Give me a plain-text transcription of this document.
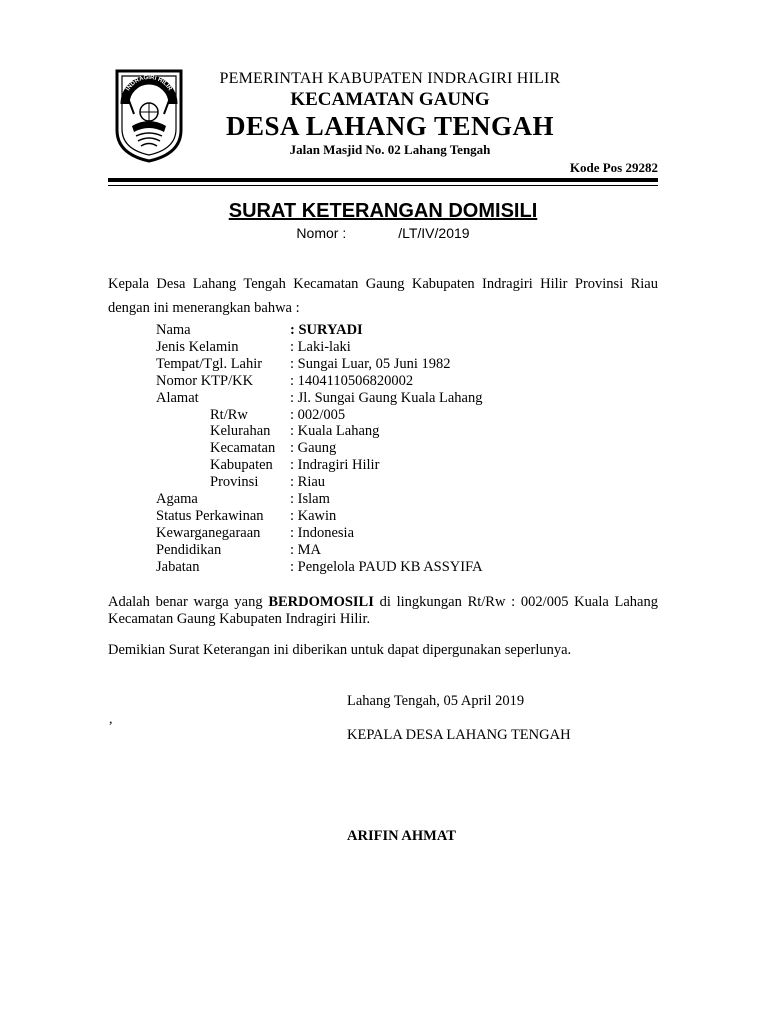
INDRAGIRI HILIR
PEMERINTAH KABUPATEN INDRAGIRI HILIR
KECAMATAN GAUNG
DESA LAHANG TENGAH
Jalan Masjid No. 02 Lahang Tengah
Kode Pos 29282
SURAT KETERANGAN DOMISILI
Nomor :	/LT/IV/2019
Kepala Desa Lahang Tengah Kecamatan Gaung Kabupaten Indragiri Hilir Provinsi Riau dengan ini menerangkan bahwa :
Nama	: SURYADI
Jenis Kelamin	: Laki-laki
Tempat/Tgl. Lahir	: Sungai Luar, 05 Juni 1982
Nomor KTP/KK	: 1404110506820002
Alamat	: Jl. Sungai Gaung Kuala Lahang
Rt/Rw	: 002/005
Kelurahan	: Kuala Lahang
Kecamatan	: Gaung
Kabupaten	: Indragiri Hilir
Provinsi	: Riau
Agama	: Islam
Status Perkawinan	: Kawin
Kewarganegaraan	: Indonesia
Pendidikan	: MA
Jabatan	: Pengelola PAUD KB ASSYIFA
Adalah benar warga yang BERDOMOSILI di lingkungan Rt/Rw : 002/005 Kuala Lahang Kecamatan Gaung Kabupaten Indragiri Hilir.
Demikian Surat Keterangan ini diberikan untuk dapat dipergunakan seperlunya.
Lahang Tengah, 05 April 2019
,
KEPALA DESA LAHANG TENGAH
ARIFIN AHMAT
